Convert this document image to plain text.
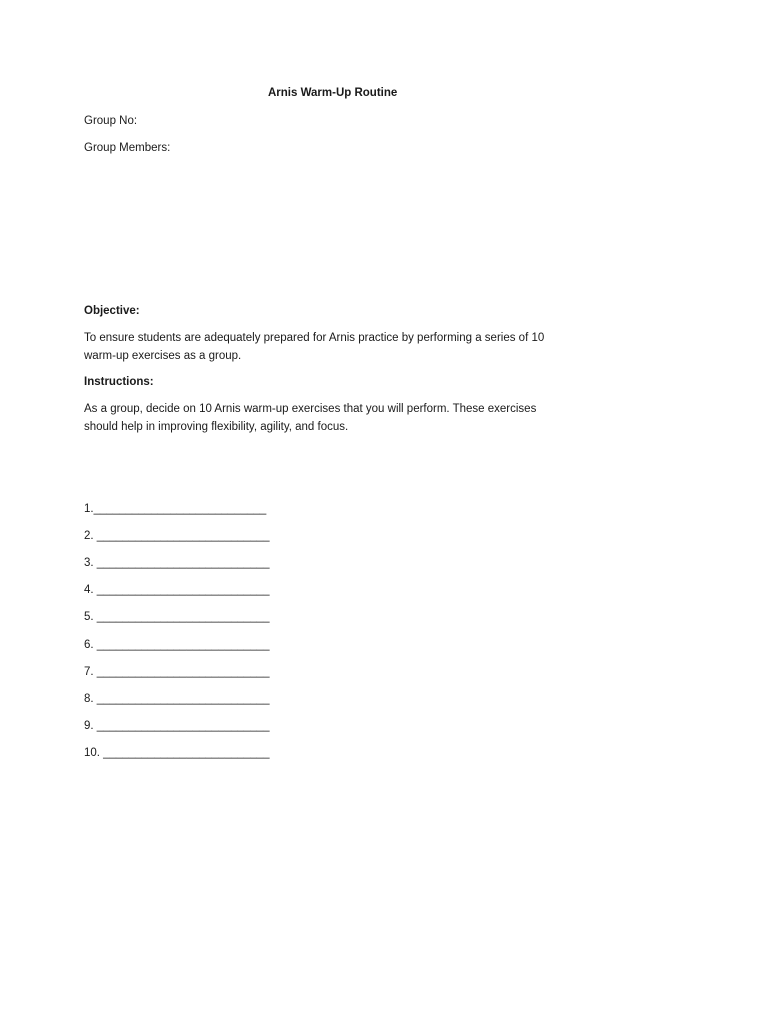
Arnis Warm-Up Routine
Group No:
Group Members:
Objective:
To ensure students are adequately prepared for Arnis practice by performing a series of 10
warm-up exercises as a group.
Instructions:
As a group, decide on 10 Arnis warm-up exercises that you will perform. These exercises
should help in improving flexibility, agility, and focus.
1.___________________________
2. ___________________________
3. ___________________________
4. ___________________________
5. ___________________________
6. ___________________________
7. ___________________________
8. ___________________________
9. ___________________________
10. __________________________
